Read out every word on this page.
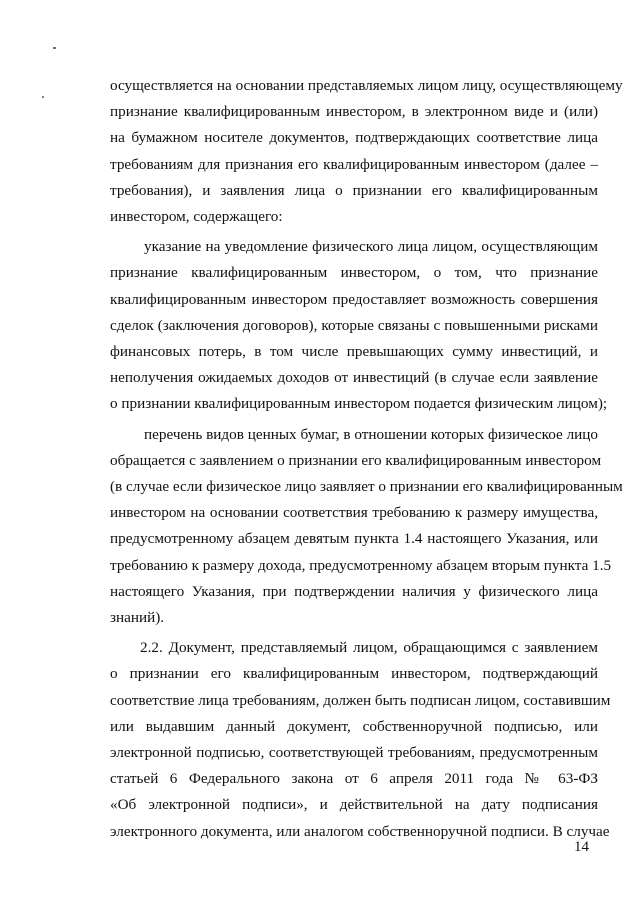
осуществляется на основании представляемых лицом лицу, осуществляющему
признание квалифицированным инвестором, в электронном виде и (или)
на бумажном носителе документов, подтверждающих соответствие лица
требованиям для признания его квалифицированным инвестором (далее –
требования), и заявления лица о признании его квалифицированным
инвестором, содержащего:

указание на уведомление физического лица лицом, осуществляющим
признание квалифицированным инвестором, о том, что признание
квалифицированным инвестором предоставляет возможность совершения
сделок (заключения договоров), которые связаны с повышенными рисками
финансовых потерь, в том числе превышающих сумму инвестиций, и
неполучения ожидаемых доходов от инвестиций (в случае если заявление
о признании квалифицированным инвестором подается физическим лицом);

перечень видов ценных бумаг, в отношении которых физическое лицо
обращается с заявлением о признании его квалифицированным инвестором
(в случае если физическое лицо заявляет о признании его квалифицированным
инвестором на основании соответствия требованию к размеру имущества,
предусмотренному абзацем девятым пункта 1.4 настоящего Указания, или
требованию к размеру дохода, предусмотренному абзацем вторым пункта 1.5
настоящего Указания, при подтверждении наличия у физического лица
знаний).

2.2. Документ, представляемый лицом, обращающимся с заявлением
о признании его квалифицированным инвестором, подтверждающий
соответствие лица требованиям, должен быть подписан лицом, составившим
или выдавшим данный документ, собственноручной подписью, или
электронной подписью, соответствующей требованиям, предусмотренным
статьей 6 Федерального закона от 6 апреля 2011 года № 63-ФЗ
«Об электронной подписи», и действительной на дату подписания
электронного документа, или аналогом собственноручной подписи. В случае

14
